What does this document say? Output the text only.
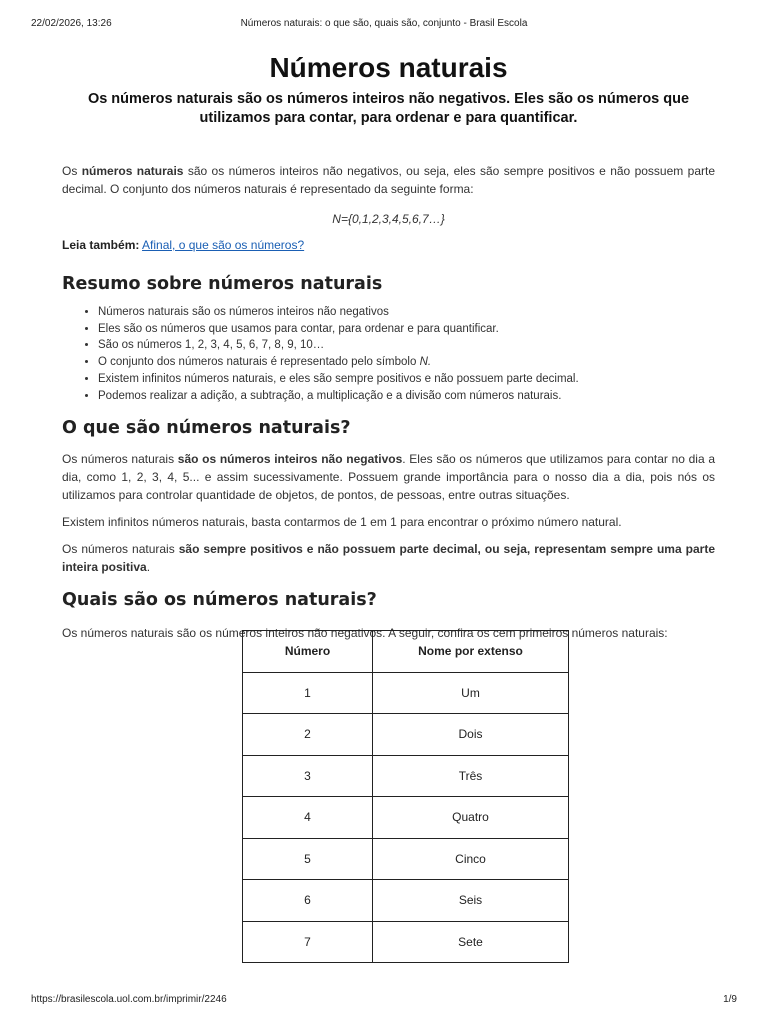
22/02/2026, 13:26	Números naturais: o que são, quais são, conjunto - Brasil Escola
Números naturais
Os números naturais são os números inteiros não negativos. Eles são os números que utilizamos para contar, para ordenar e para quantificar.

Os números naturais são os números inteiros não negativos, ou seja, eles são sempre positivos e não possuem parte decimal. O conjunto dos números naturais é representado da seguinte forma:

N={0,1,2,3,4,5,6,7…}
Leia também: Afinal, o que são os números?
Resumo sobre números naturais
• Números naturais são os números inteiros não negativos
• Eles são os números que usamos para contar, para ordenar e para quantificar.
• São os números 1, 2, 3, 4, 5, 6, 7, 8, 9, 10…
• O conjunto dos números naturais é representado pelo símbolo N.
• Existem infinitos números naturais, e eles são sempre positivos e não possuem parte decimal.
• Podemos realizar a adição, a subtração, a multiplicação e a divisão com números naturais.
O que são números naturais?

Os números naturais são os números inteiros não negativos. Eles são os números que utilizamos para contar no dia a dia, como 1, 2, 3, 4, 5... e assim sucessivamente. Possuem grande importância para o nosso dia a dia, pois nós os utilizamos para controlar quantidade de objetos, de pontos, de pessoas, entre outras situações.

Existem infinitos números naturais, basta contarmos de 1 em 1 para encontrar o próximo número natural.

Os números naturais são sempre positivos e não possuem parte decimal, ou seja, representam sempre uma parte inteira positiva.

Quais são os números naturais?

Os números naturais são os números inteiros não negativos. A seguir, confira os cem primeiros números naturais:

Número	Nome por extenso
1	Um
2	Dois
3	Três
4	Quatro
5	Cinco
6	Seis
7	Sete
https://brasilescola.uol.com.br/imprimir/2246	1/9
